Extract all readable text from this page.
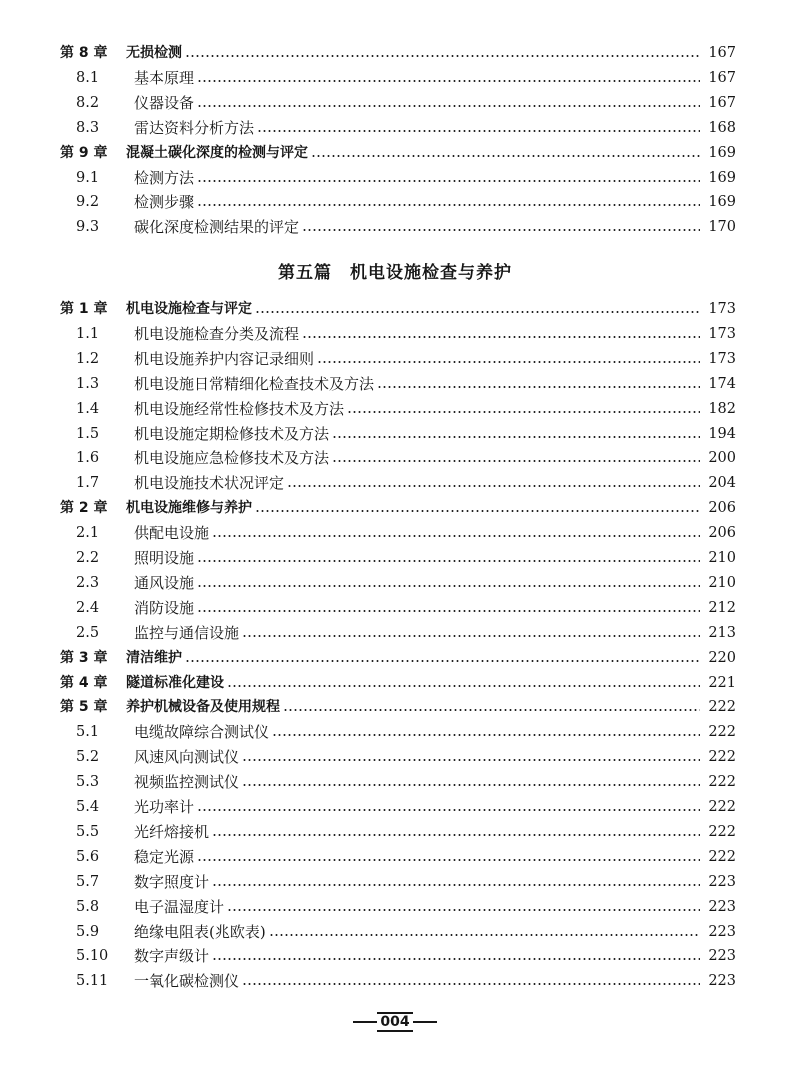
第五篇　机电设施检查与养护
第 8 章	无损检测	167
8.1	基本原理	167
8.2	仪器设备	167
8.3	雷达资料分析方法	168
第 9 章	混凝土碳化深度的检测与评定	169
9.1	检测方法	169
9.2	检测步骤	169
9.3	碳化深度检测结果的评定	170
第 1 章	机电设施检查与评定	173
1.1	机电设施检查分类及流程	173
1.2	机电设施养护内容记录细则	173
1.3	机电设施日常精细化检查技术及方法	174
1.4	机电设施经常性检修技术及方法	182
1.5	机电设施定期检修技术及方法	194
1.6	机电设施应急检修技术及方法	200
1.7	机电设施技术状况评定	204
第 2 章	机电设施维修与养护	206
2.1	供配电设施	206
2.2	照明设施	210
2.3	通风设施	210
2.4	消防设施	212
2.5	监控与通信设施	213
第 3 章	清洁维护	220
第 4 章	隧道标准化建设	221
第 5 章	养护机械设备及使用规程	222
5.1	电缆故障综合测试仪	222
5.2	风速风向测试仪	222
5.3	视频监控测试仪	222
5.4	光功率计	222
5.5	光纤熔接机	222
5.6	稳定光源	222
5.7	数字照度计	223
5.8	电子温湿度计	223
5.9	绝缘电阻表(兆欧表)	223
5.10	数字声级计	223
5.11	一氧化碳检测仪	223
004
